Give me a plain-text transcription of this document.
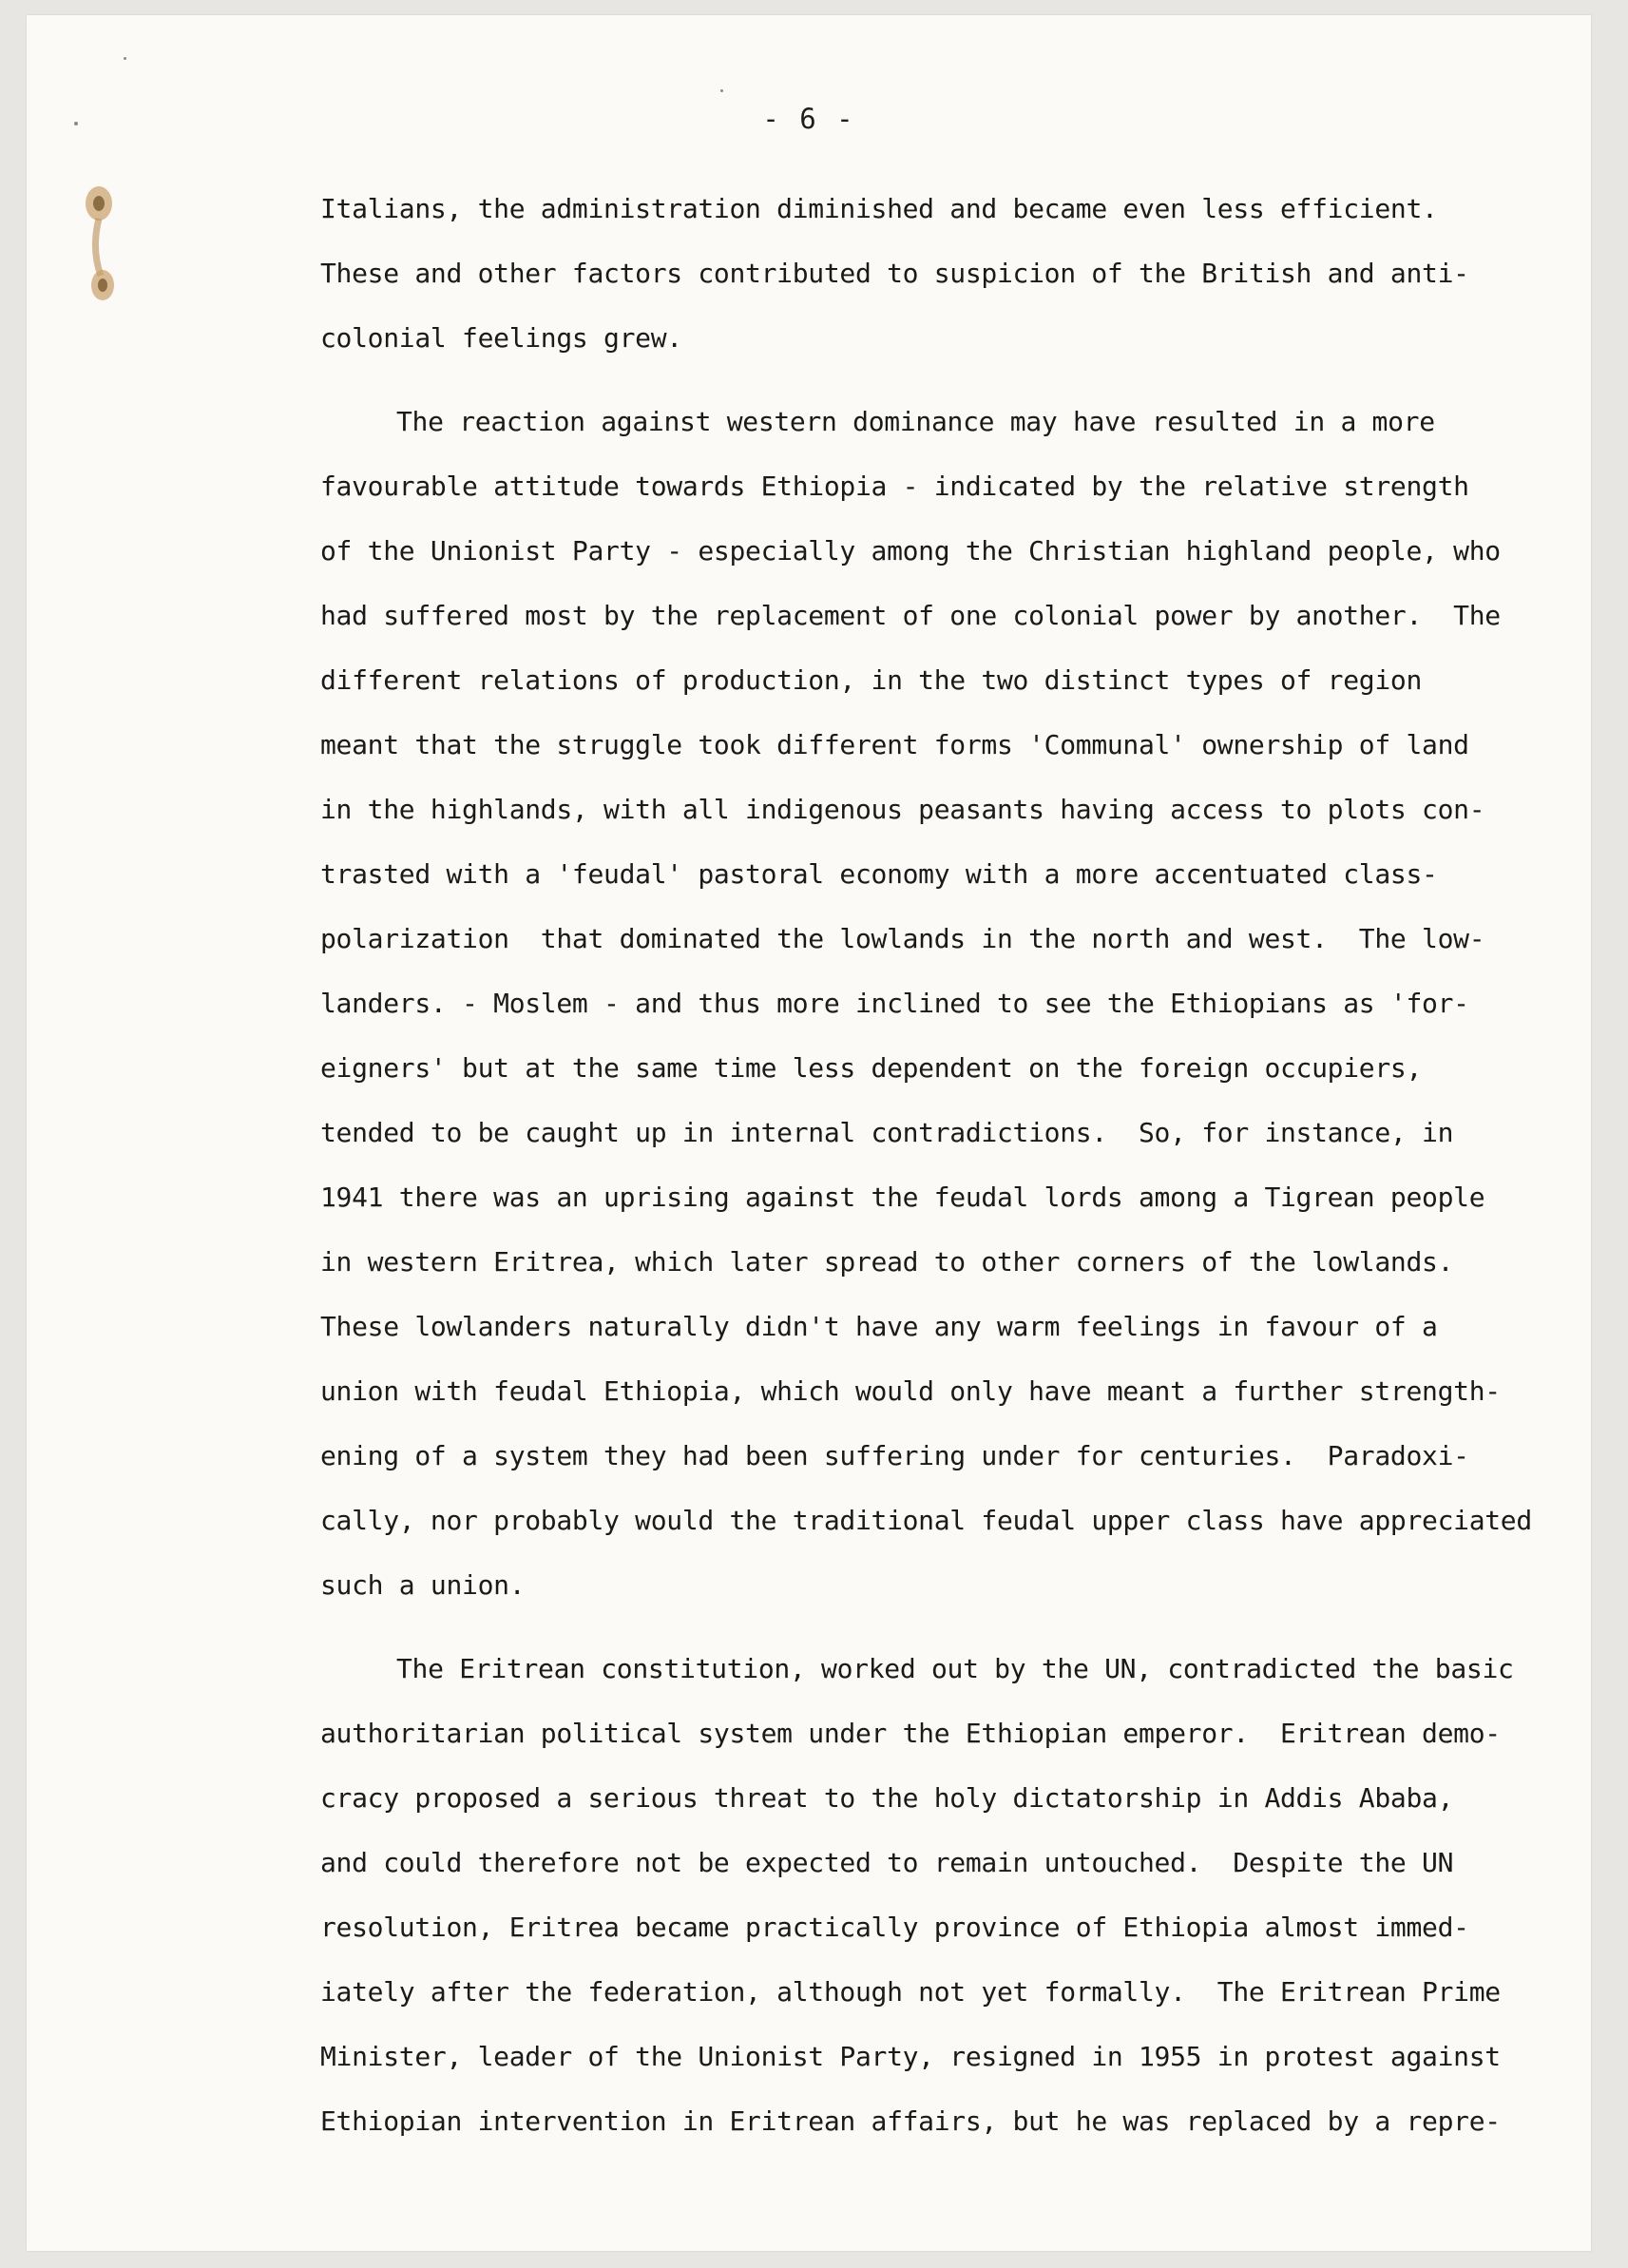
- 6 -
Italians, the administration diminished and became even less efficient.
These and other factors contributed to suspicion of the British and anti-
colonial feelings grew.
The reaction against western dominance may have resulted in a more
favourable attitude towards Ethiopia - indicated by the relative strength
of the Unionist Party - especially among the Christian highland people, who
had suffered most by the replacement of one colonial power by another.  The
different relations of production, in the two distinct types of region
meant that the struggle took different forms 'Communal' ownership of land
in the highlands, with all indigenous peasants having access to plots con-
trasted with a 'feudal' pastoral economy with a more accentuated class-
polarization  that dominated the lowlands in the north and west.  The low-
landers. - Moslem - and thus more inclined to see the Ethiopians as 'for-
eigners' but at the same time less dependent on the foreign occupiers,
tended to be caught up in internal contradictions.  So, for instance, in
1941 there was an uprising against the feudal lords among a Tigrean people
in western Eritrea, which later spread to other corners of the lowlands.
These lowlanders naturally didn't have any warm feelings in favour of a
union with feudal Ethiopia, which would only have meant a further strength-
ening of a system they had been suffering under for centuries.  Paradoxi-
cally, nor probably would the traditional feudal upper class have appreciated
such a union.
The Eritrean constitution, worked out by the UN, contradicted the basic
authoritarian political system under the Ethiopian emperor.  Eritrean demo-
cracy proposed a serious threat to the holy dictatorship in Addis Ababa,
and could therefore not be expected to remain untouched.  Despite the UN
resolution, Eritrea became practically province of Ethiopia almost immed-
iately after the federation, although not yet formally.  The Eritrean Prime
Minister, leader of the Unionist Party, resigned in 1955 in protest against
Ethiopian intervention in Eritrean affairs, but he was replaced by a repre-
